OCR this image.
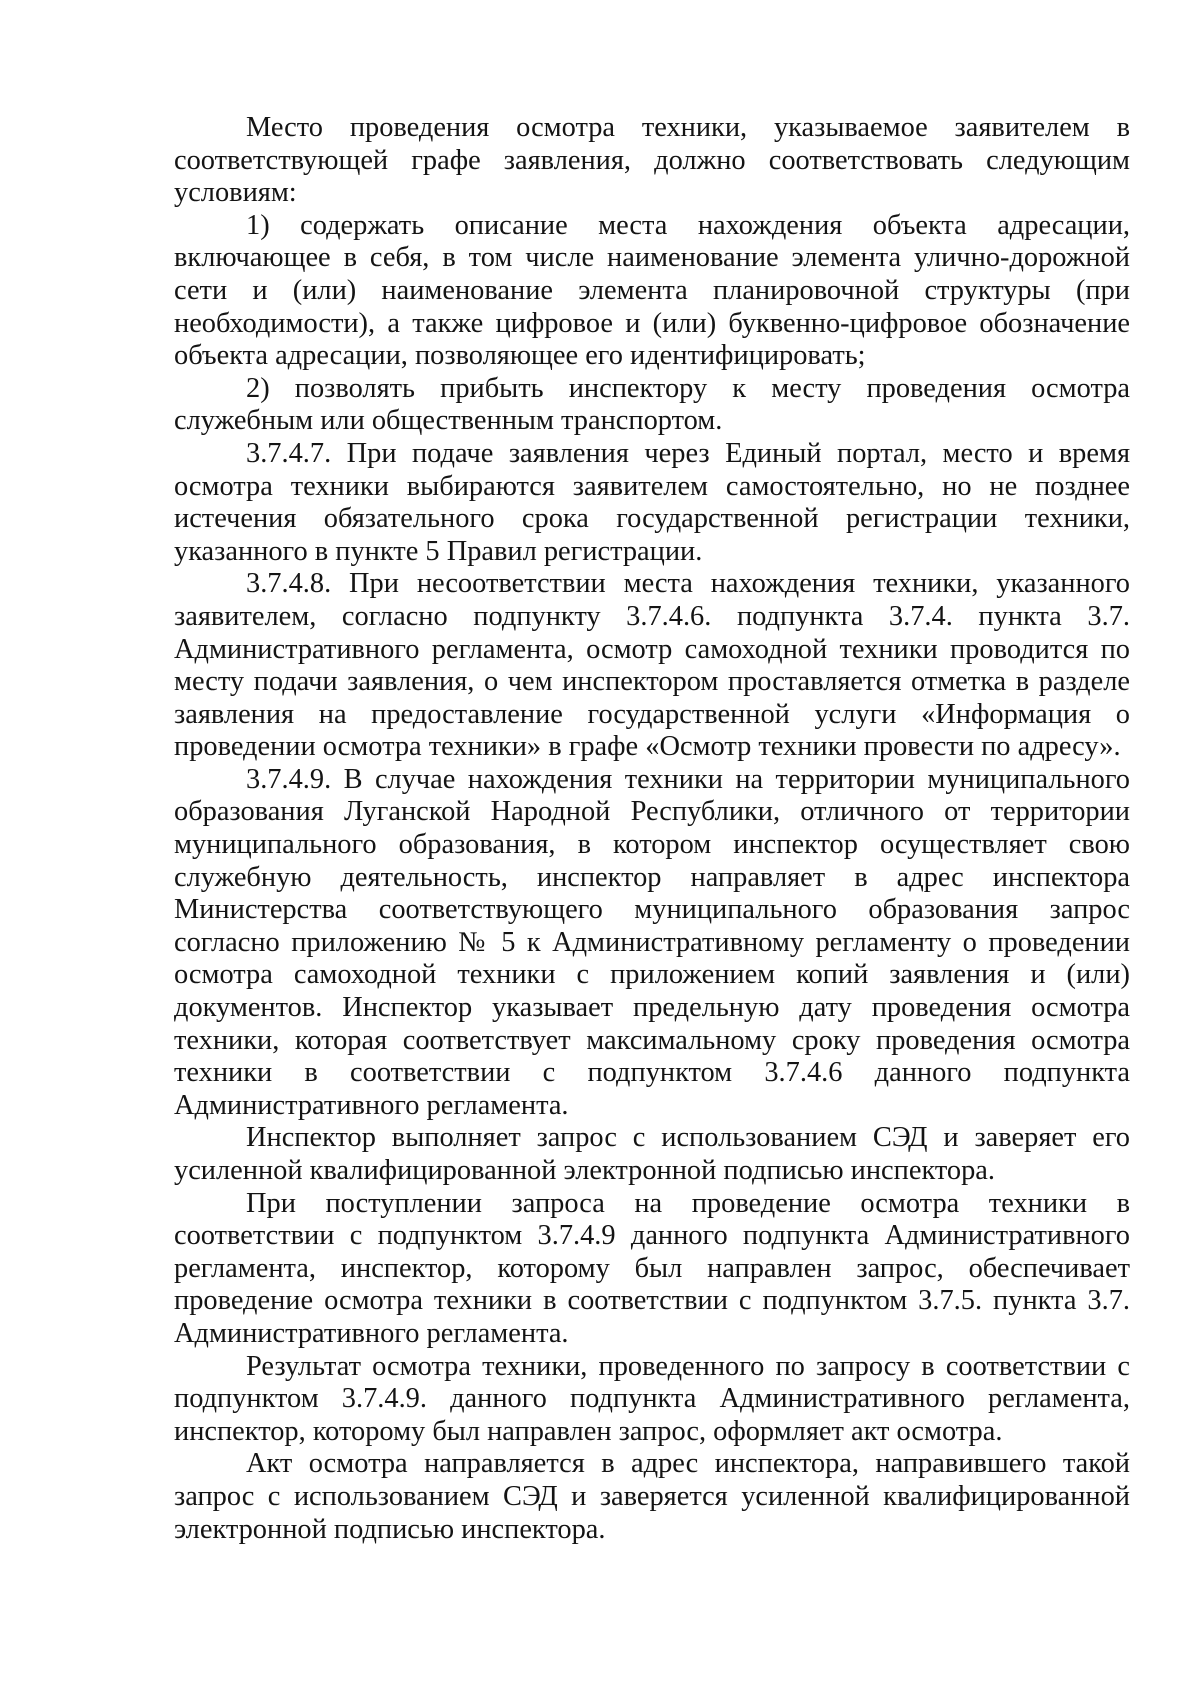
Место проведения осмотра техники, указываемое заявителем в соответствующей графе заявления, должно соответствовать следующим условиям:

1) содержать описание места нахождения объекта адресации, включающее в себя, в том числе наименование элемента улично-дорожной сети и (или) наименование элемента планировочной структуры (при необходимости), а также цифровое и (или) буквенно-цифровое обозначение объекта адресации, позволяющее его идентифицировать;

2) позволять прибыть инспектору к месту проведения осмотра служебным или общественным транспортом.

3.7.4.7. При подаче заявления через Единый портал, место и время осмотра техники выбираются заявителем самостоятельно, но не позднее истечения обязательного срока государственной регистрации техники, указанного в пункте 5 Правил регистрации.

3.7.4.8. При несоответствии места нахождения техники, указанного заявителем, согласно подпункту 3.7.4.6. подпункта 3.7.4. пункта 3.7. Административного регламента, осмотр самоходной техники проводится по месту подачи заявления, о чем инспектором проставляется отметка в разделе заявления на предоставление государственной услуги «Информация о проведении осмотра техники» в графе «Осмотр техники провести по адресу».

3.7.4.9. В случае нахождения техники на территории муниципального образования Луганской Народной Республики, отличного от территории муниципального образования, в котором инспектор осуществляет свою служебную деятельность, инспектор направляет в адрес инспектора Министерства соответствующего муниципального образования запрос согласно приложению № 5 к Административному регламенту о проведении осмотра самоходной техники с приложением копий заявления и (или) документов. Инспектор указывает предельную дату проведения осмотра техники, которая соответствует максимальному сроку проведения осмотра техники в соответствии с подпунктом 3.7.4.6 данного подпункта Административного регламента.

Инспектор выполняет запрос с использованием СЭД и заверяет его усиленной квалифицированной электронной подписью инспектора.

При поступлении запроса на проведение осмотра техники в соответствии с подпунктом 3.7.4.9 данного подпункта Административного регламента, инспектор, которому был направлен запрос, обеспечивает проведение осмотра техники в соответствии с подпунктом 3.7.5. пункта 3.7. Административного регламента.

Результат осмотра техники, проведенного по запросу в соответствии с подпунктом 3.7.4.9. данного подпункта Административного регламента, инспектор, которому был направлен запрос, оформляет акт осмотра.

Акт осмотра направляется в адрес инспектора, направившего такой запрос с использованием СЭД и заверяется усиленной квалифицированной электронной подписью инспектора.
